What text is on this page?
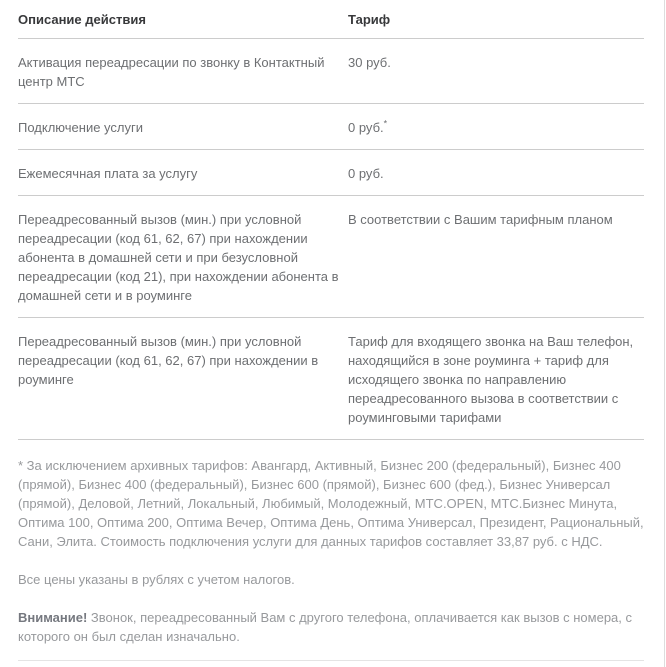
Описание действия	Тариф
Активация переадресации по звонку в Контактный центр МТС	30 руб.

Подключение услуги	0 руб.*

Ежемесячная плата за услугу	0 руб.

Переадресованный вызов (мин.) при условной переадресации (код 61, 62, 67) при нахождении абонента в домашней сети и при безусловной переадресации (код 21), при нахождении абонента в домашней сети и в роуминге	В соответствии с Вашим тарифным планом

Переадресованный вызов (мин.) при условной переадресации (код 61, 62, 67) при нахождении в роуминге	Тариф для входящего звонка на Ваш телефон, находящийся в зоне роуминга + тариф для исходящего звонка по направлению переадресованного вызова в соответствии с роуминговыми тарифами

* За исключением архивных тарифов: Авангард, Активный, Бизнес 200 (федеральный), Бизнес 400 (прямой), Бизнес 400 (федеральный), Бизнес 600 (прямой), Бизнес 600 (фед.), Бизнес Универсал (прямой), Деловой, Летний, Локальный, Любимый, Молодежный, МТС.OPEN, МТС.Бизнес Минута, Оптима 100, Оптима 200, Оптима Вечер, Оптима День, Оптима Универсал, Президент, Рациональный, Сани, Элита. Стоимость подключения услуги для данных тарифов составляет 33,87 руб. с НДС.

Все цены указаны в рублях с учетом налогов.

Внимание! Звонок, переадресованный Вам с другого телефона, оплачивается как вызов с номера, с которого он был сделан изначально.
